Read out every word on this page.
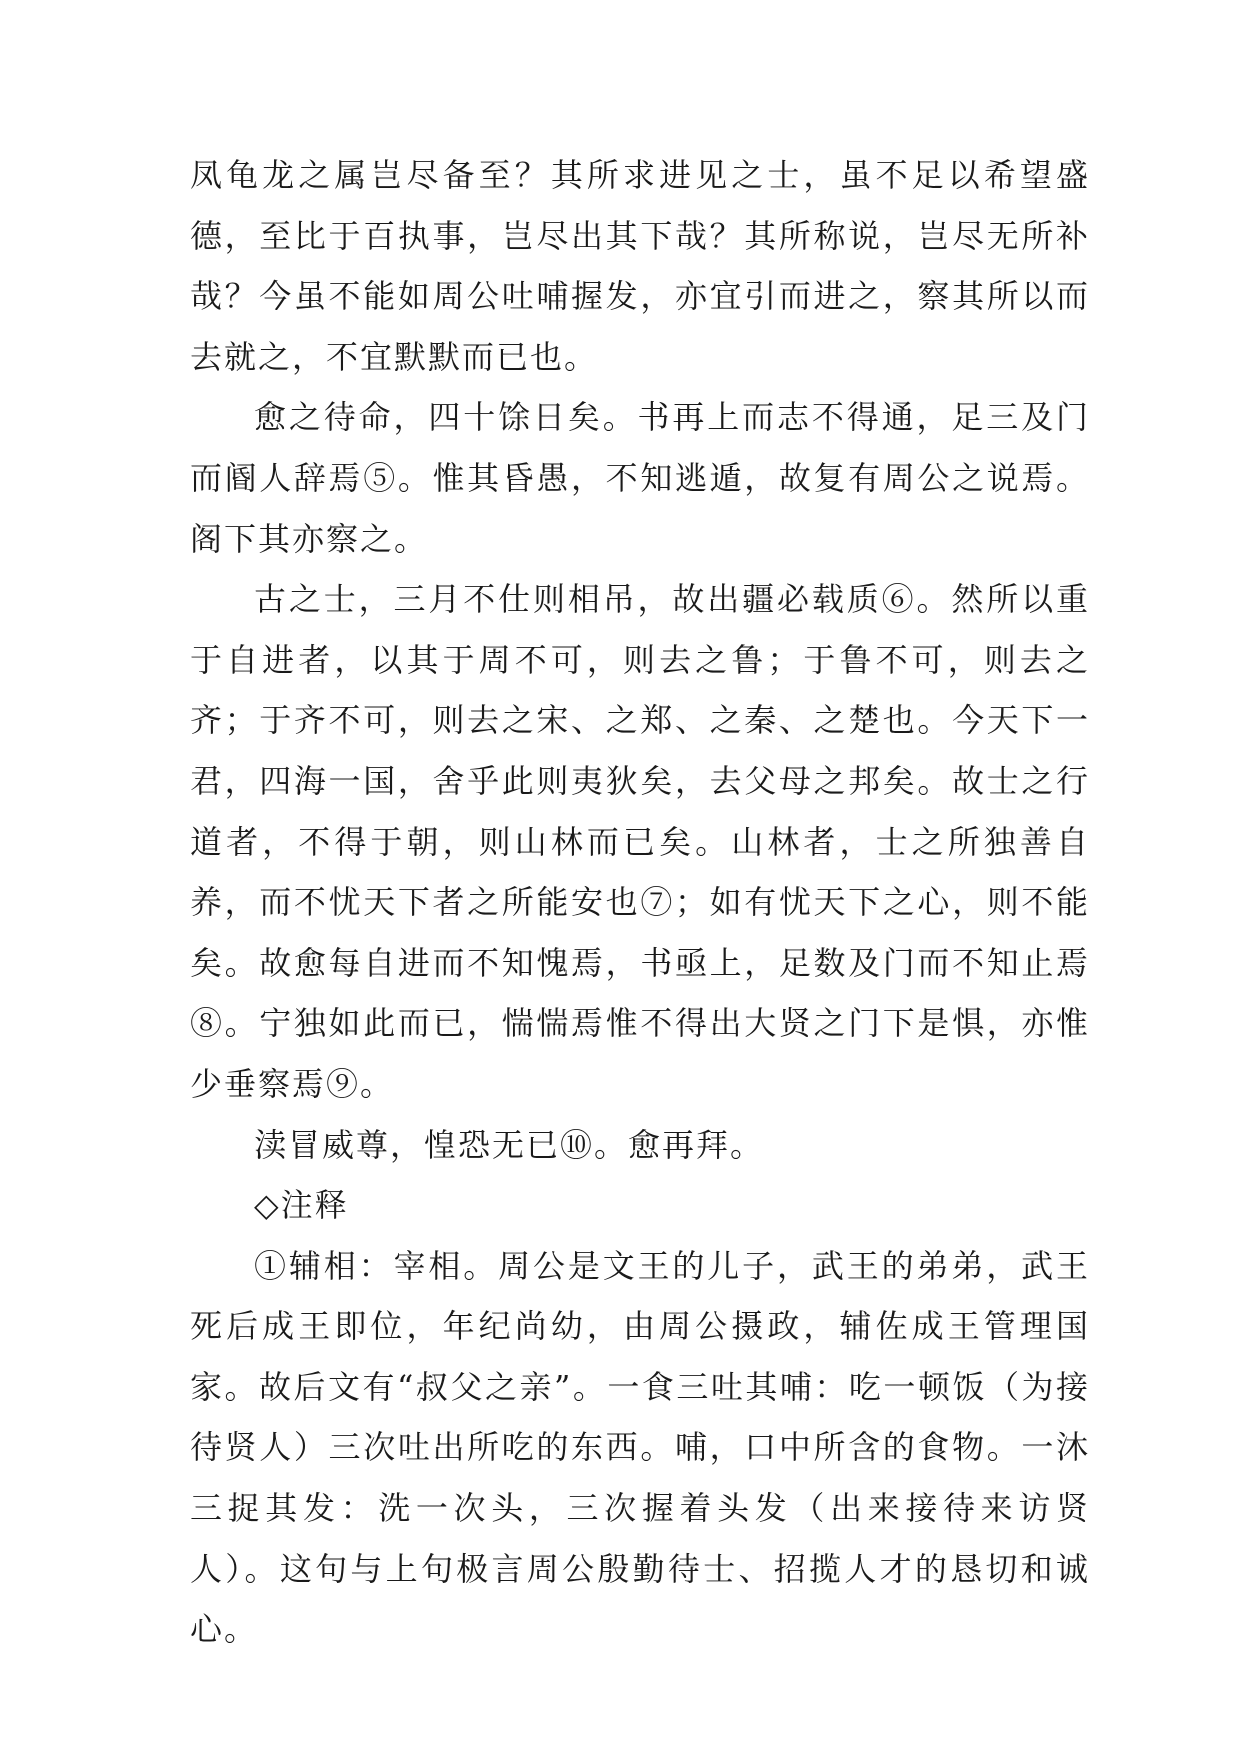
凤龟龙之属岂尽备至？其所求进见之士，虽不足以希望盛德，至比于百执事，岂尽出其下哉？其所称说，岂尽无所补哉？今虽不能如周公吐哺握发，亦宜引而进之，察其所以而去就之，不宜默默而已也。

愈之待命，四十馀日矣。书再上而志不得通，足三及门而阍人辞焉⑤。惟其昏愚，不知逃遁，故复有周公之说焉。阁下其亦察之。

古之士，三月不仕则相吊，故出疆必载质⑥。然所以重于自进者，以其于周不可，则去之鲁；于鲁不可，则去之齐；于齐不可，则去之宋、之郑、之秦、之楚也。今天下一君，四海一国，舍乎此则夷狄矣，去父母之邦矣。故士之行道者，不得于朝，则山林而已矣。山林者，士之所独善自养，而不忧天下者之所能安也⑦；如有忧天下之心，则不能矣。故愈每自进而不知愧焉，书亟上，足数及门而不知止焉⑧。宁独如此而已，惴惴焉惟不得出大贤之门下是惧，亦惟少垂察焉⑨。

渎冒威尊，惶恐无已⑩。愈再拜。

◇注释

①辅相：宰相。周公是文王的儿子，武王的弟弟，武王死后成王即位，年纪尚幼，由周公摄政，辅佐成王管理国家。故后文有“叔父之亲”。一食三吐其哺：吃一顿饭（为接待贤人）三次吐出所吃的东西。哺，口中所含的食物。一沐三捉其发：洗一次头，三次握着头发（出来接待来访贤人）。这句与上句极言周公殷勤待士、招揽人才的恳切和诚心。
